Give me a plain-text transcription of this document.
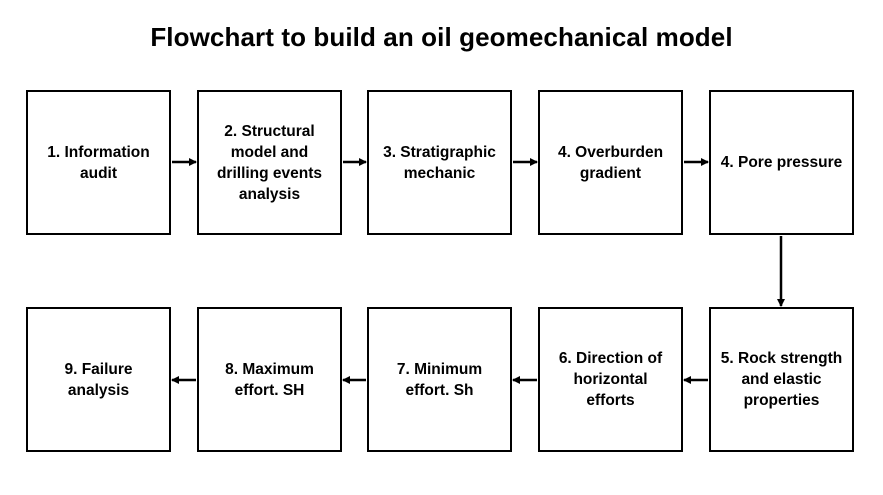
Flowchart to build an oil geomechanical model
1. Information audit
2. Structural model and drilling events analysis
3. Stratigraphic mechanic
4. Overburden gradient
4. Pore pressure
5. Rock strength and elastic properties
6. Direction of horizontal efforts
7. Minimum effort. Sh
8. Maximum effort. SH
9. Failure analysis
